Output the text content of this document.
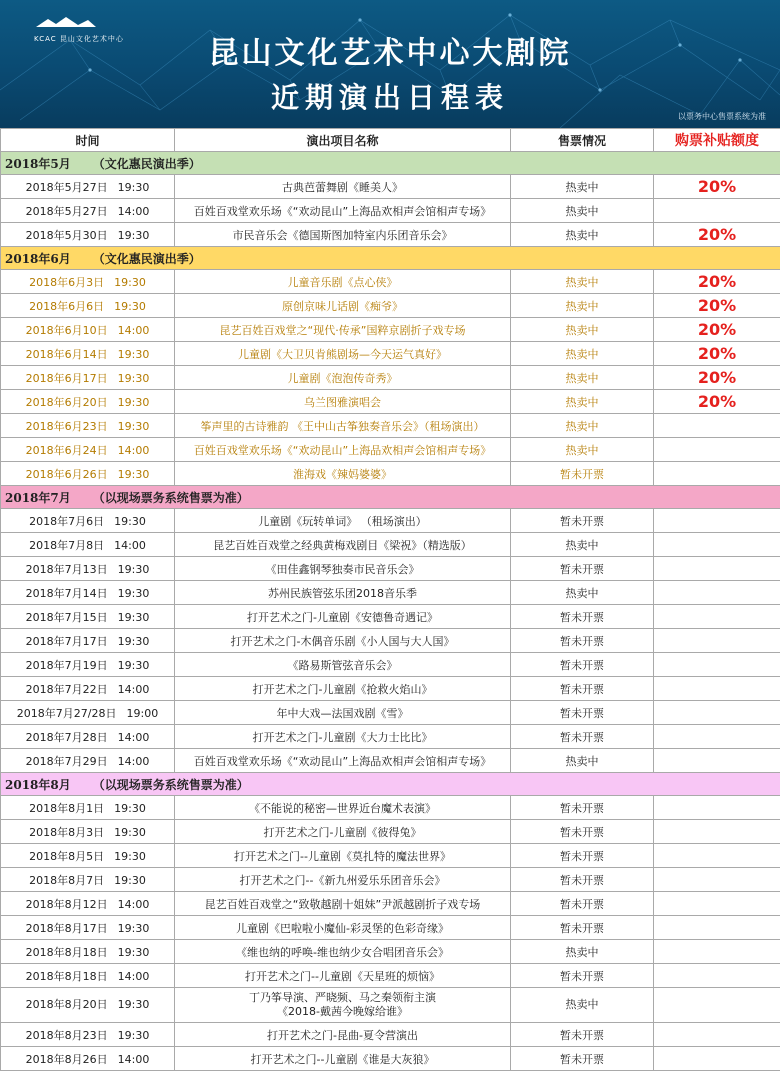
KCAC 昆山文化艺术中心	昆山文化艺术中心大剧院
近期演出日程表
以票务中心售票系统为准
时间	演出项目名称	售票情况	购票补贴额度
2018年5月 （文化惠民演出季）			
2018年5月27日 19:30	古典芭蕾舞剧《睡美人》	热卖中	20%
2018年5月27日 14:00	百姓百戏堂欢乐场《“欢动昆山”上海品欢相声会馆相声专场》	热卖中	
2018年5月30日 19:30	市民音乐会《德国斯图加特室内乐团音乐会》	热卖中	20%
2018年6月 （文化惠民演出季）			
2018年6月3日 19:30	儿童音乐剧《点心侠》	热卖中	20%
2018年6月6日 19:30	原创京味儿话剧《痴爷》	热卖中	20%
2018年6月10日 14:00	昆艺百姓百戏堂之“现代·传承”国粹京剧折子戏专场	热卖中	20%
2018年6月14日 19:30	儿童剧《大卫贝肯熊剧场—今天运气真好》	热卖中	20%
2018年6月17日 19:30	儿童剧《泡泡传奇秀》	热卖中	20%
2018年6月20日 19:30	乌兰图雅演唱会	热卖中	20%
2018年6月23日 19:30	筝声里的古诗雅韵 《王中山古筝独奏音乐会》（租场演出）	热卖中	
2018年6月24日 14:00	百姓百戏堂欢乐场《“欢动昆山”上海品欢相声会馆相声专场》	热卖中	
2018年6月26日 19:30	淮海戏《辣妈婆婆》	暂未开票	
2018年7月 （以现场票务系统售票为准）			
2018年7月6日 19:30	儿童剧《玩转单词》 （租场演出）	暂未开票	
2018年7月8日 14:00	昆艺百姓百戏堂之经典黄梅戏剧目《梁祝》（精选版）	热卖中	
2018年7月13日 19:30	《田佳鑫钢琴独奏市民音乐会》	暂未开票	
2018年7月14日 19:30	苏州民族管弦乐团2018音乐季	热卖中	
2018年7月15日 19:30	打开艺术之门-儿童剧《安德鲁奇遇记》	暂未开票	
2018年7月17日 19:30	打开艺术之门-木偶音乐剧《小人国与大人国》	暂未开票	
2018年7月19日 19:30	《路易斯管弦音乐会》	暂未开票	
2018年7月22日 14:00	打开艺术之门-儿童剧《抢救火焰山》	暂未开票	
2018年7月27/28日 19:00	年中大戏—法国戏剧《雪》	暂未开票	
2018年7月28日 14:00	打开艺术之门-儿童剧《大力士比比》	暂未开票	
2018年7月29日 14:00	百姓百戏堂欢乐场《“欢动昆山”上海品欢相声会馆相声专场》	热卖中	
2018年8月 （以现场票务系统售票为准）			
2018年8月1日 19:30	《不能说的秘密—世界近台魔术表演》	暂未开票	
2018年8月3日 19:30	打开艺术之门-儿童剧《彼得兔》	暂未开票	
2018年8月5日 19:30	打开艺术之门--儿童剧《莫扎特的魔法世界》	暂未开票	
2018年8月7日 19:30	打开艺术之门--《新九州爱乐乐团音乐会》	暂未开票	
2018年8月12日 14:00	昆艺百姓百戏堂之“致敬越剧十姐妹”尹派越剧折子戏专场	暂未开票	
2018年8月17日 19:30	儿童剧《巴啦啦小魔仙-彩灵堡的色彩奇缘》	暂未开票	
2018年8月18日 19:30	《维也纳的呼唤-维也纳少女合唱团音乐会》	热卖中	
2018年8月18日 14:00	打开艺术之门--儿童剧《天星班的烦恼》	暂未开票	
2018年8月20日 19:30	丁乃筝导演、严晓频、马之秦领衔主演
《2018-戴茜今晚嫁给谁》	热卖中	
2018年8月23日 19:30	打开艺术之门-昆曲-夏令营演出	暂未开票	
2018年8月26日 14:00	打开艺术之门--儿童剧《谁是大灰狼》	暂未开票	
